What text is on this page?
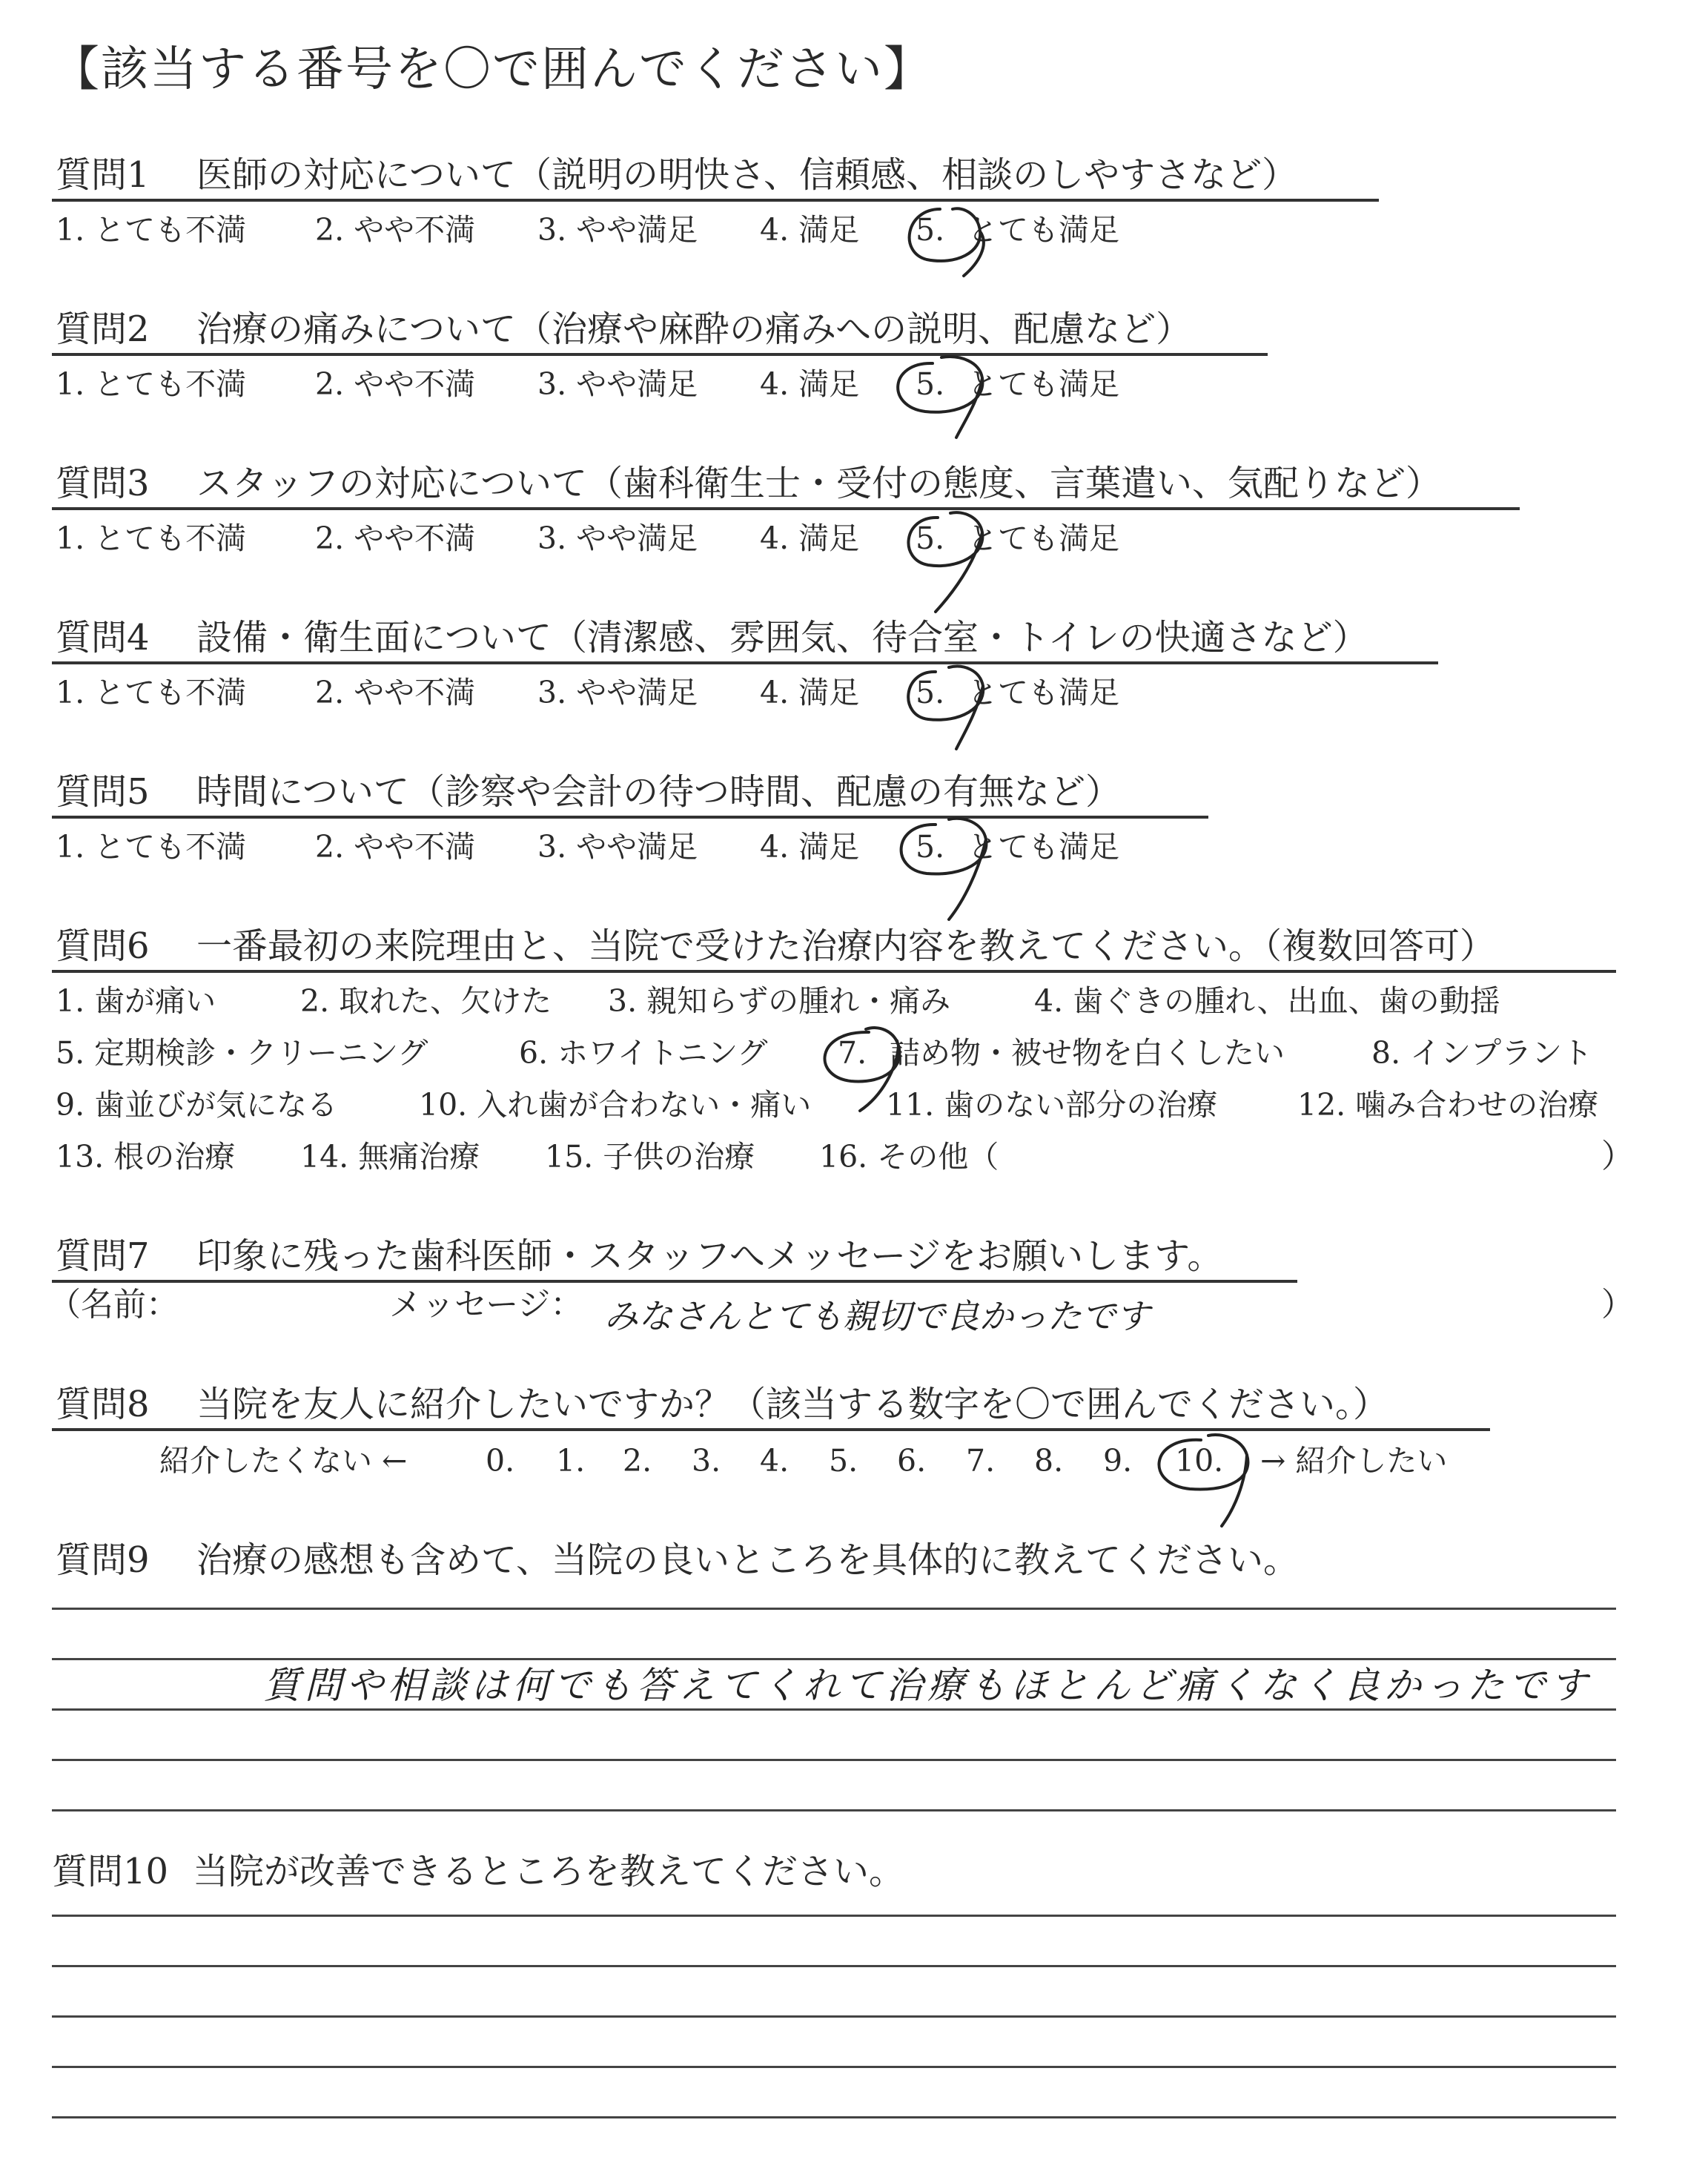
【該当する番号を〇で囲んでください】
質問1 医師の対応について（説明の明快さ、信頼感、相談のしやすさなど）
1. とても不満 2. やや不満 3. やや満足 4. 満足 5. とても満足
質問2 治療の痛みについて（治療や麻酔の痛みへの説明、配慮など）
1. とても不満 2. やや不満 3. やや満足 4. 満足 5. とても満足
質問3 スタッフの対応について（歯科衛生士・受付の態度、言葉遣い、気配りなど）
1. とても不満 2. やや不満 3. やや満足 4. 満足 5. とても満足
質問4 設備・衛生面について（清潔感、雰囲気、待合室・トイレの快適さなど）
1. とても不満 2. やや不満 3. やや満足 4. 満足 5. とても満足
質問5 時間について（診察や会計の待つ時間、配慮の有無など）
1. とても不満 2. やや不満 3. やや満足 4. 満足 5. とても満足
質問6 一番最初の来院理由と、当院で受けた治療内容を教えてください。（複数回答可）
1. 歯が痛い	2. 取れた、欠けた 3. 親知らずの腫れ・痛み	4. 歯ぐきの腫れ、出血、歯の動揺
5. 定期検診・クリーニング	6. ホワイトニング 7. 詰め物・被せ物を白くしたい	8. インプラント
9. 歯並びが気になる	10. 入れ歯が合わない・痛い 11. 歯のない部分の治療	12. 噛み合わせの治療
13. 根の治療 14. 無痛治療 15. 子供の治療 16. その他（	）
質問7 印象に残った歯科医師・スタッフへメッセージをお願いします。
（名前：	メッセージ： みなさんとても親切で良かったです	）
質問8 当院を友人に紹介したいですか？（該当する数字を〇で囲んでください。）
紹介したくない ←	0. 1. 2. 3. 4. 5. 6. 7. 8. 9. 10. → 紹介したい
質問9 治療の感想も含めて、当院の良いところを具体的に教えてください。
質問や相談は何でも答えてくれて治療もほとんど痛くなく良かったです
質問10 当院が改善できるところを教えてください。
